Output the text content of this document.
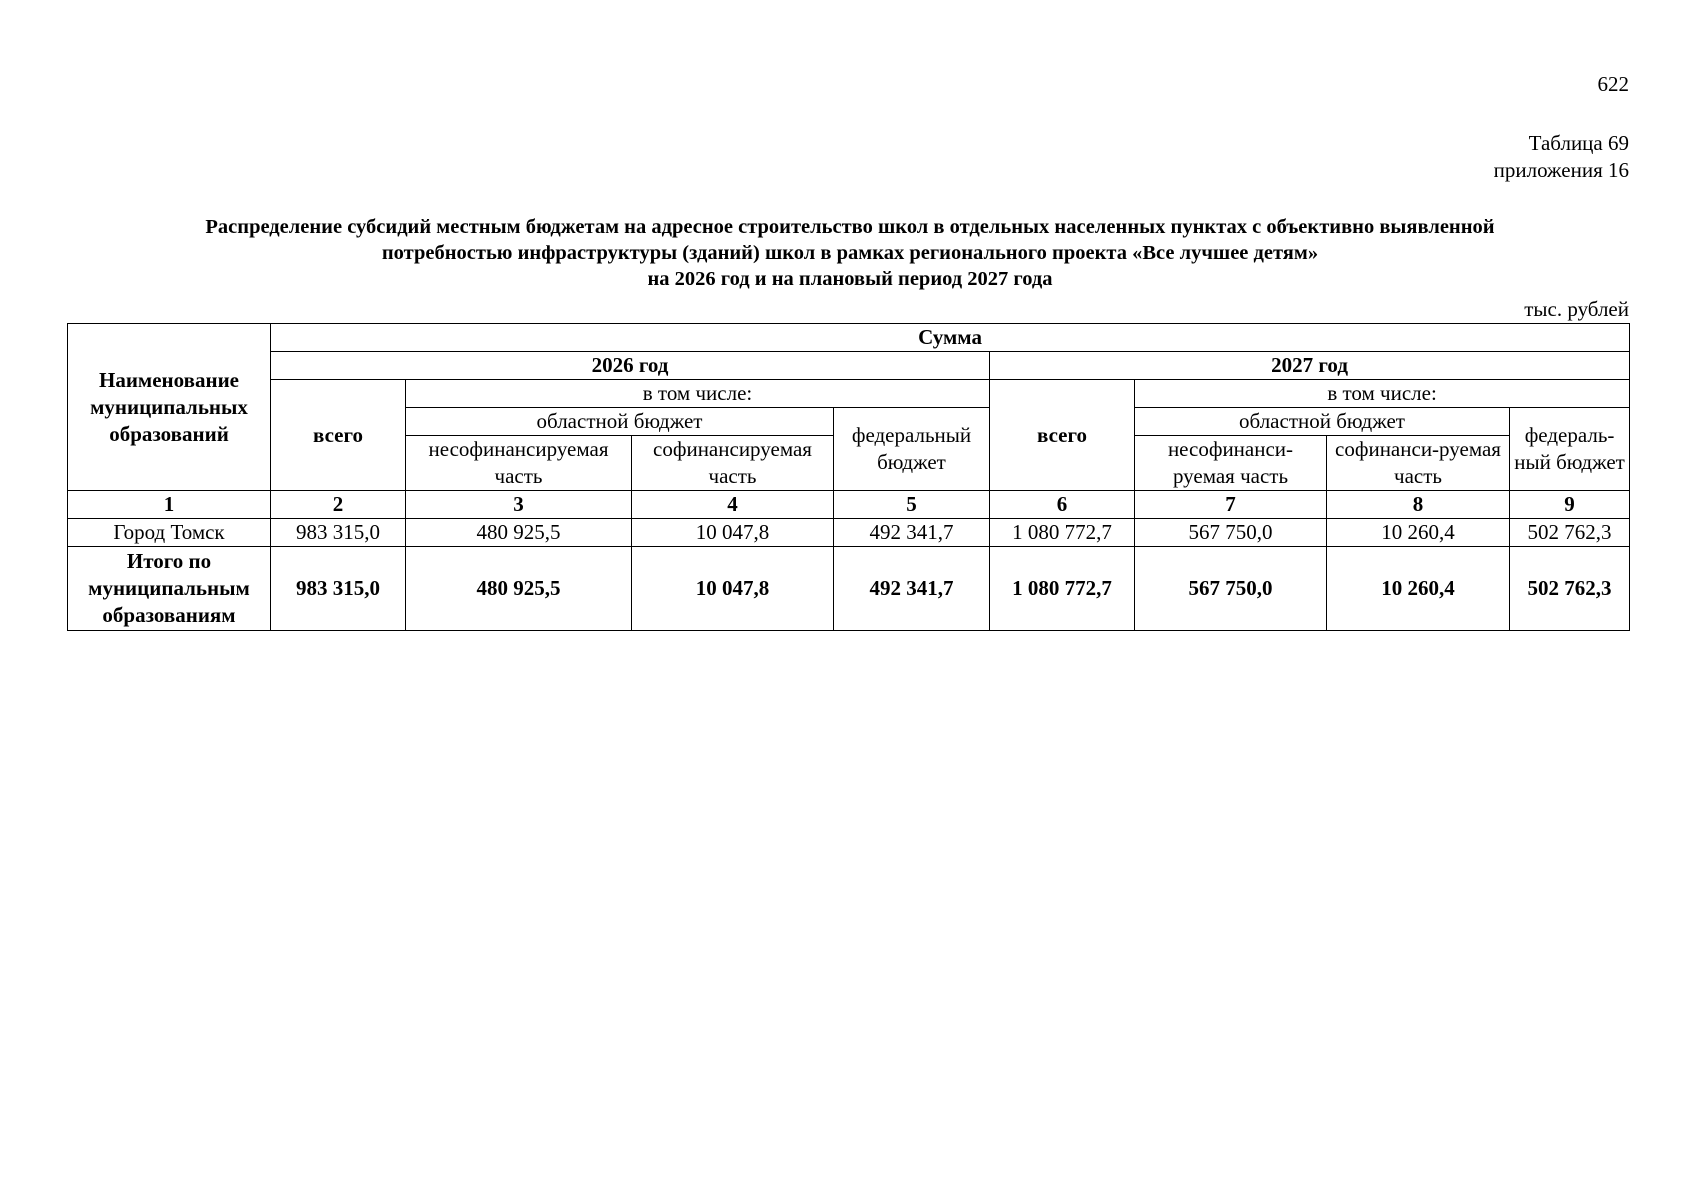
622
Таблица 69
приложения 16
Распределение субсидий местным бюджетам на адресное строительство школ в отдельных населенных пунктах с объективно выявленной
потребностью инфраструктуры (зданий) школ в рамках регионального проекта «Все лучшее детям»
на 2026 год и на плановый период 2027 года
тыс. рублей
Наименование муниципальных образований	Сумма							
	2026 год				2027 год			
	всего	в том числе:			всего	в том числе:		
		областной бюджет		федеральный бюджет		областной бюджет		федераль-ный бюджет
		несофинансируемая часть	софинансируемая часть			несофинанси-руемая часть	софинанси-руемая часть	
1	2	3	4	5	6	7	8	9
Город Томск	983 315,0	480 925,5	10 047,8	492 341,7	1 080 772,7	567 750,0	10 260,4	502 762,3
Итого по муниципальным образованиям	983 315,0	480 925,5	10 047,8	492 341,7	1 080 772,7	567 750,0	10 260,4	502 762,3
